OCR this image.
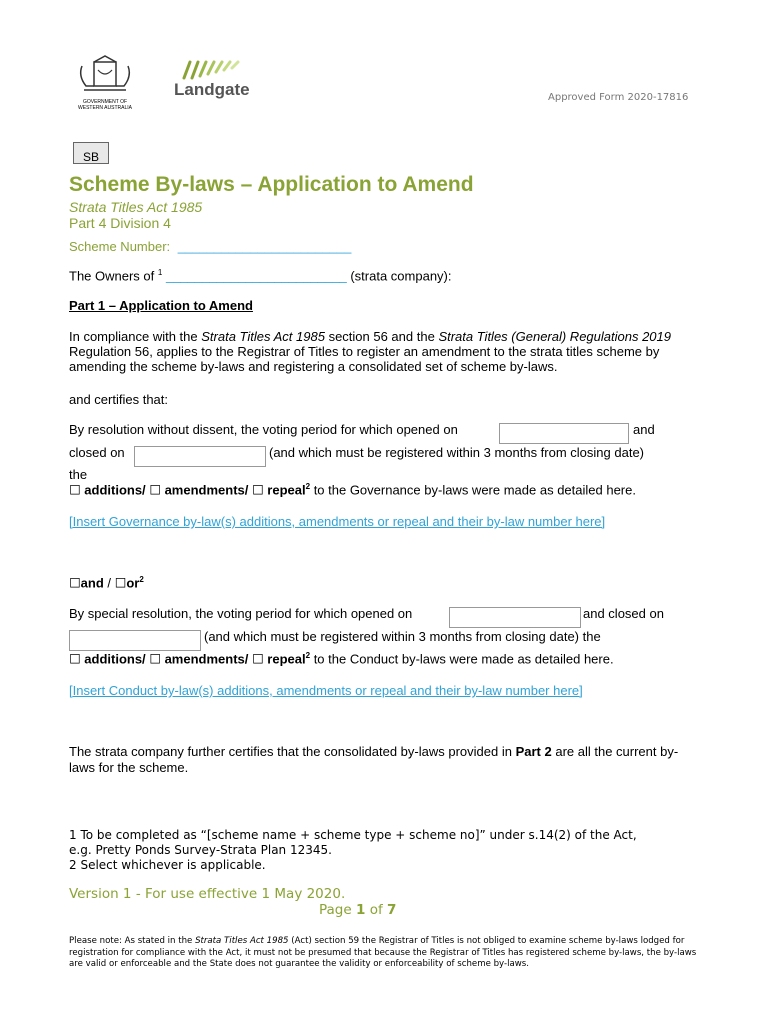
GOVERNMENT OF
WESTERN AUSTRALIA
Landgate	Approved Form 2020-17816
SB
Scheme By-laws – Application to Amend
Strata Titles Act 1985
Part 4 Division 4
Scheme Number: ________________________
The Owners of $^1$ _________________________ (strata company):
Part 1 – Application to Amend
In compliance with the Strata Titles Act 1985 section 56 and the Strata Titles (General) Regulations 2019 Regulation 56, applies to the Registrar of Titles to register an amendment to the strata titles scheme by amending the scheme by-laws and registering a consolidated set of scheme by-laws.
and certifies that:
By resolution without dissent, the voting period for which opened on	and
closed on	(and which must be registered within 3 months from closing date)
the
☐ additions/ ☐ amendments/ ☐ repeal$^2$ to the Governance by-laws were made as detailed here.
[Insert Governance by-law(s) additions, amendments or repeal and their by-law number here]
☐and / $☐or^2$
By special resolution, the voting period for which opened on	and closed on
(and which must be registered within 3 months from closing date) the
☐ additions/ ☐ amendments/ ☐ repeal$^2$ to the Conduct by-laws were made as detailed here.
[Insert Conduct by-law(s) additions, amendments or repeal and their by-law number here]
The strata company further certifies that the consolidated by-laws provided in Part 2 are all the current by-laws for the scheme.
1 To be completed as “[scheme name + scheme type + scheme no]” under s.14(2) of the Act,
e.g. Pretty Ponds Survey-Strata Plan 12345.
2 Select whichever is applicable.
Version 1 - For use effective 1 May 2020.
Page 1 of 7
Please note: As stated in the Strata Titles Act 1985 (Act) section 59 the Registrar of Titles is not obliged to examine scheme by-laws lodged for registration for compliance with the Act, it must not be presumed that because the Registrar of Titles has registered scheme by-laws, the by-laws are valid or enforceable and the State does not guarantee the validity or enforceability of scheme by-laws.
